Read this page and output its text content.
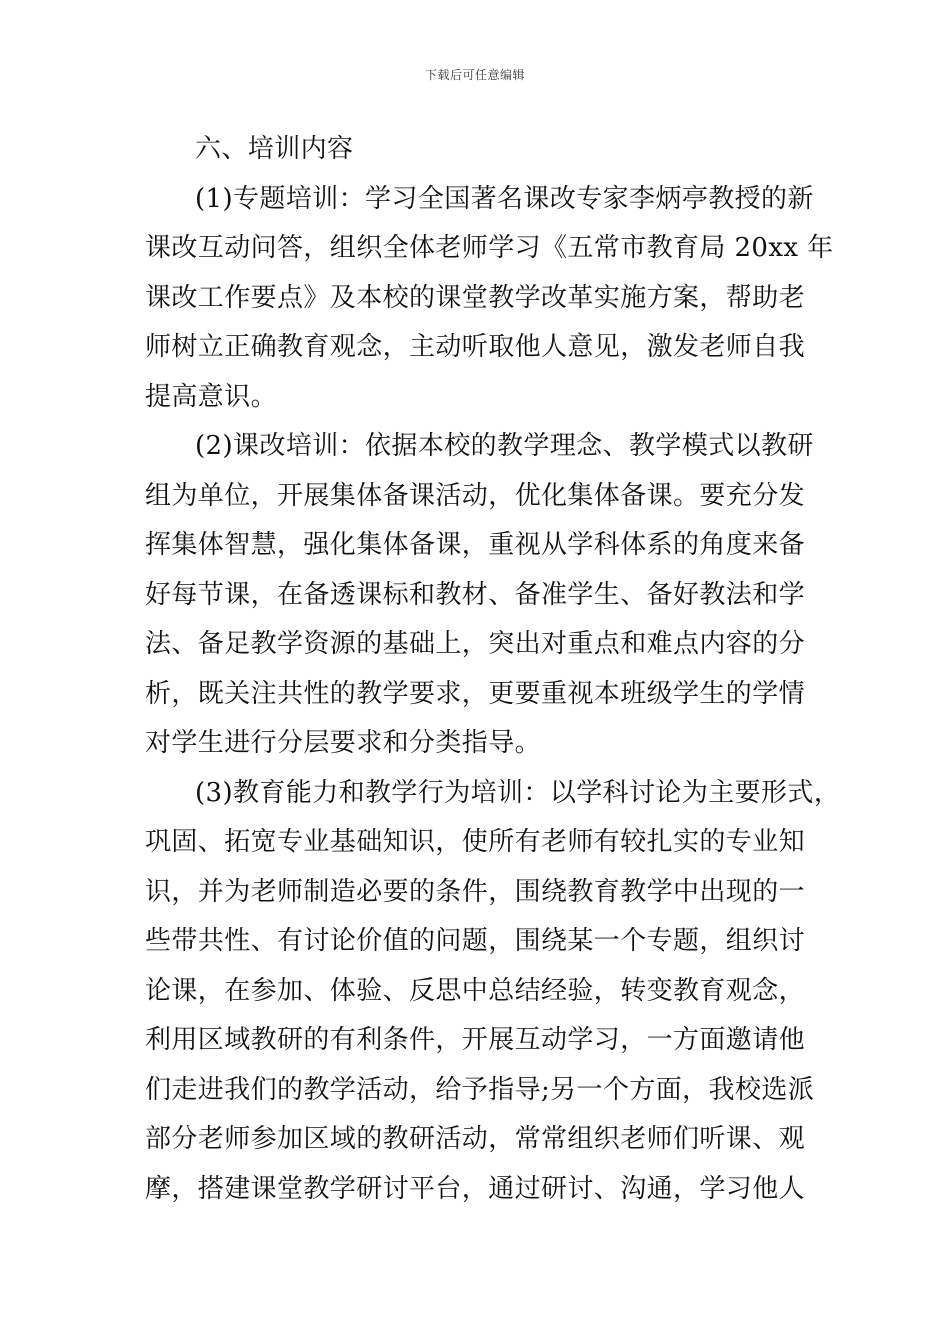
下载后可任意编辑
六、培训内容
(1)专题培训：学习全国著名课改专家李炳亭教授的新
课改互动问答，组织全体老师学习《五常市教育局 20xx 年
课改工作要点》及本校的课堂教学改革实施方案，帮助老
师树立正确教育观念，主动听取他人意见，激发老师自我
提高意识。
(2)课改培训：依据本校的教学理念、教学模式以教研
组为单位，开展集体备课活动，优化集体备课。要充分发
挥集体智慧，强化集体备课，重视从学科体系的角度来备
好每节课，在备透课标和教材、备准学生、备好教法和学
法、备足教学资源的基础上，突出对重点和难点内容的分
析，既关注共性的教学要求，更要重视本班级学生的学情
对学生进行分层要求和分类指导。
(3)教育能力和教学行为培训：以学科讨论为主要形式，
巩固、拓宽专业基础知识，使所有老师有较扎实的专业知
识，并为老师制造必要的条件，围绕教育教学中出现的一
些带共性、有讨论价值的问题，围绕某一个专题，组织讨
论课，在参加、体验、反思中总结经验，转变教育观念，
利用区域教研的有利条件，开展互动学习，一方面邀请他
们走进我们的教学活动，给予指导;另一个方面，我校选派
部分老师参加区域的教研活动，常常组织老师们听课、观
摩，搭建课堂教学研讨平台，通过研讨、沟通，学习他人
